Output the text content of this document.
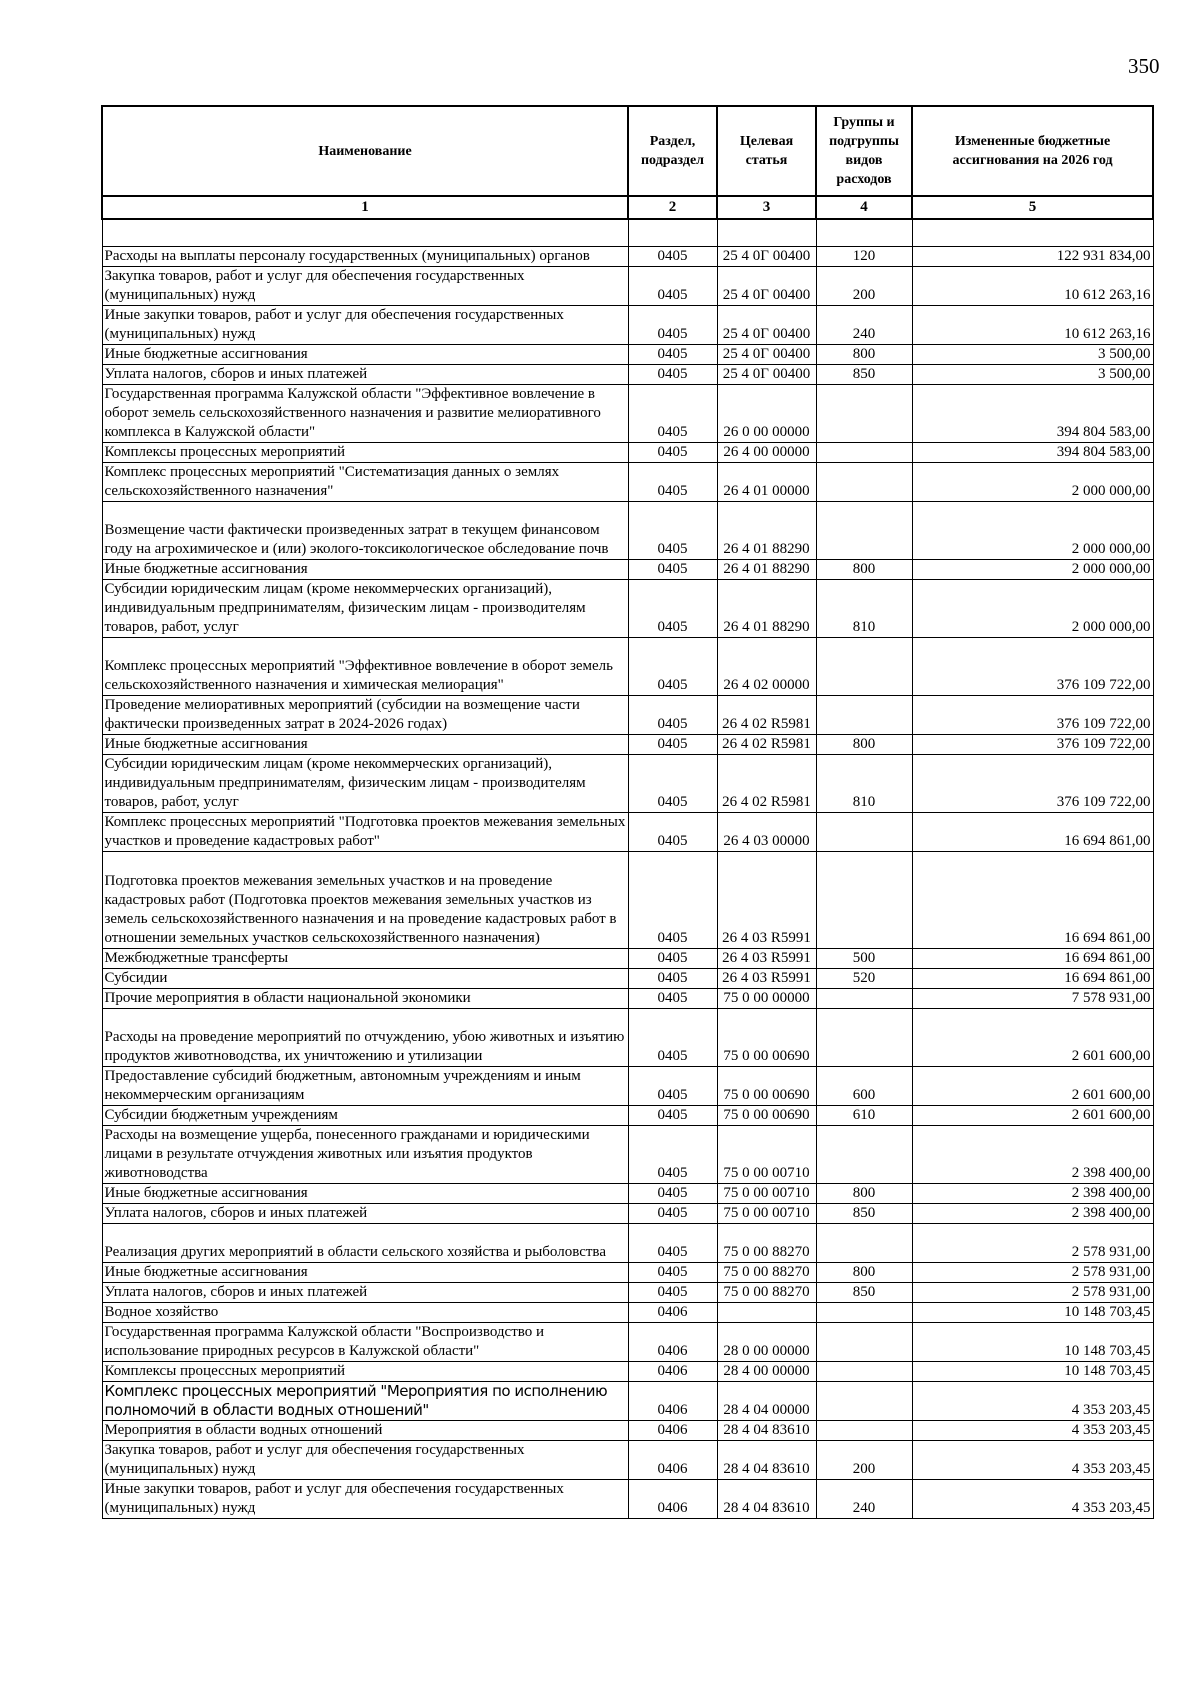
350
Наименование	Раздел, подраздел	Целевая статья	Группы и подгруппы видов расходов	Измененные бюджетные ассигнования на 2026 год
1	2	3	4	5

Расходы на выплаты персоналу государственных (муниципальных) органов	0405	25 4 0Г 00400	120	122 931 834,00
Закупка товаров, работ и услуг для обеспечения государственных (муниципальных) нужд	0405	25 4 0Г 00400	200	10 612 263,16
Иные закупки товаров, работ и услуг для обеспечения государственных (муниципальных) нужд	0405	25 4 0Г 00400	240	10 612 263,16
Иные бюджетные ассигнования	0405	25 4 0Г 00400	800	3 500,00
Уплата налогов, сборов и иных платежей	0405	25 4 0Г 00400	850	3 500,00
Государственная программа Калужской области "Эффективное вовлечение в оборот земель сельскохозяйственного назначения и развитие мелиоративного комплекса в Калужской области"	0405	26 0 00 00000		394 804 583,00
Комплексы процессных мероприятий	0405	26 4 00 00000		394 804 583,00
Комплекс процессных мероприятий "Систематизация данных о землях сельскохозяйственного назначения"	0405	26 4 01 00000		2 000 000,00
Возмещение части фактически произведенных затрат в текущем финансовом году на агрохимическое и (или) эколого-токсикологическое обследование почв	0405	26 4 01 88290		2 000 000,00
Иные бюджетные ассигнования	0405	26 4 01 88290	800	2 000 000,00
Субсидии юридическим лицам (кроме некоммерческих организаций), индивидуальным предпринимателям, физическим лицам - производителям товаров, работ, услуг	0405	26 4 01 88290	810	2 000 000,00
Комплекс процессных мероприятий "Эффективное вовлечение в оборот земель сельскохозяйственного назначения и химическая мелиорация"	0405	26 4 02 00000		376 109 722,00
Проведение мелиоративных мероприятий (субсидии на возмещение части фактически произведенных затрат в 2024-2026 годах)	0405	26 4 02 R5981		376 109 722,00
Иные бюджетные ассигнования	0405	26 4 02 R5981	800	376 109 722,00
Субсидии юридическим лицам (кроме некоммерческих организаций), индивидуальным предпринимателям, физическим лицам - производителям товаров, работ, услуг	0405	26 4 02 R5981	810	376 109 722,00
Комплекс процессных мероприятий "Подготовка проектов межевания земельных участков и проведение кадастровых работ"	0405	26 4 03 00000		16 694 861,00
Подготовка проектов межевания земельных участков и на проведение кадастровых работ (Подготовка проектов межевания земельных участков из земель сельскохозяйственного назначения и на проведение кадастровых работ в отношении земельных участков сельскохозяйственного назначения)	0405	26 4 03 R5991		16 694 861,00
Межбюджетные трансферты	0405	26 4 03 R5991	500	16 694 861,00
Субсидии	0405	26 4 03 R5991	520	16 694 861,00
Прочие мероприятия в области национальной экономики	0405	75 0 00 00000		7 578 931,00
Расходы на проведение мероприятий по отчуждению, убою животных и изъятию продуктов животноводства, их уничтожению и утилизации	0405	75 0 00 00690		2 601 600,00
Предоставление субсидий бюджетным, автономным учреждениям и иным некоммерческим организациям	0405	75 0 00 00690	600	2 601 600,00
Субсидии бюджетным учреждениям	0405	75 0 00 00690	610	2 601 600,00
Расходы на возмещение ущерба, понесенного гражданами и юридическими лицами в результате отчуждения животных или изъятия продуктов животноводства	0405	75 0 00 00710		2 398 400,00
Иные бюджетные ассигнования	0405	75 0 00 00710	800	2 398 400,00
Уплата налогов, сборов и иных платежей	0405	75 0 00 00710	850	2 398 400,00
Реализация других мероприятий в области сельского хозяйства и рыболовства	0405	75 0 00 88270		2 578 931,00
Иные бюджетные ассигнования	0405	75 0 00 88270	800	2 578 931,00
Уплата налогов, сборов и иных платежей	0405	75 0 00 88270	850	2 578 931,00
Водное хозяйство	0406			10 148 703,45
Государственная программа Калужской области "Воспроизводство и использование природных ресурсов в Калужской области"	0406	28 0 00 00000		10 148 703,45
Комплексы процессных мероприятий	0406	28 4 00 00000		10 148 703,45
Комплекс процессных мероприятий "Мероприятия по исполнению полномочий в области водных отношений"	0406	28 4 04 00000		4 353 203,45
Мероприятия в области водных отношений	0406	28 4 04 83610		4 353 203,45
Закупка товаров, работ и услуг для обеспечения государственных (муниципальных) нужд	0406	28 4 04 83610	200	4 353 203,45
Иные закупки товаров, работ и услуг для обеспечения государственных (муниципальных) нужд	0406	28 4 04 83610	240	4 353 203,45
